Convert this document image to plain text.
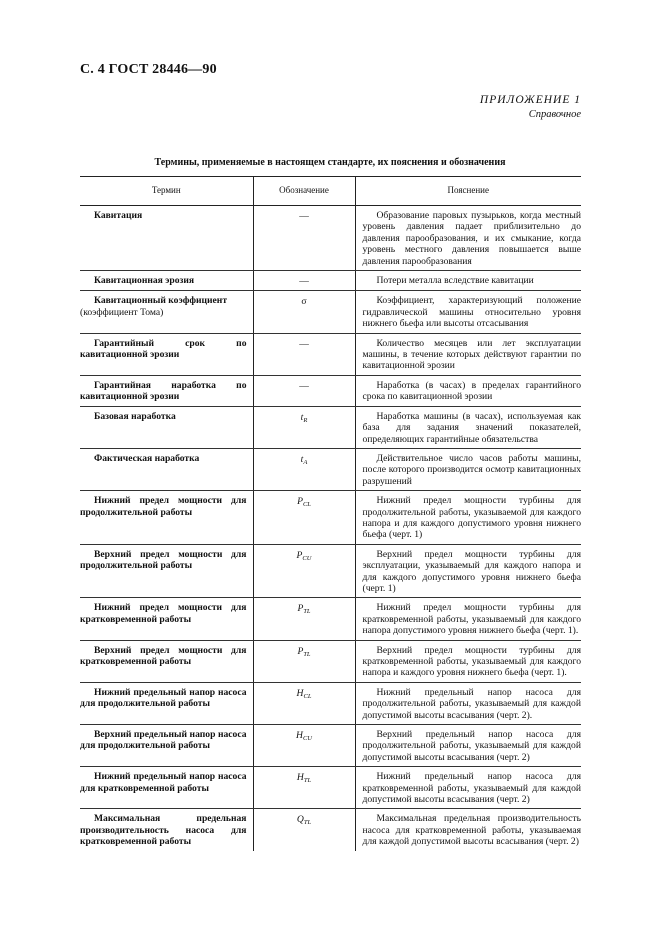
С. 4 ГОСТ 28446—90
ПРИЛОЖЕНИЕ 1
Справочное
Термины, применяемые в настоящем стандарте, их пояснения и обозначения
Термин	Обозначение	Пояснение
Кавитация	—	Образование паровых пузырьков, когда местный уровень давления падает приблизительно до давления парообразования, и их смыкание, когда уровень местного давления повышается выше давления парообразования
Кавитационная эрозия	—	Потери металла вследствие кавитации
Кавитационный коэффициент
(коэффициент Тома)	σ	Коэффициент, характеризующий положение гидравлической машины относительно уровня нижнего бьефа или высоты отсасывания
Гарантийный срок по кавитационной эрозии	—	Количество месяцев или лет эксплуатации машины, в течение которых действуют гарантии по кавитационной эрозии
Гарантийная наработка по кавитационной эрозии	—	Наработка (в часах) в пределах гарантийного срока по кавитационной эрозии
Базовая наработка	$t_R$	Наработка машины (в часах), используемая как база для задания значений показателей, определяющих гарантийные обязательства
Фактическая наработка	$t_A$	Действительное число часов работы машины, после которого производится осмотр кавитационных разрушений
Нижний предел мощности для продолжительной работы	$P_{CL}$	Нижний предел мощности турбины для продолжительной работы, указываемой для каждого напора и для каждого допустимого уровня нижнего бьефа (черт. 1)
Верхний предел мощности для продолжительной работы	$P_{CU}$	Верхний предел мощности турбины для эксплуатации, указываемый для каждого напора и для каждого допустимого уровня нижнего бьефа (черт. 1)
Нижний предел мощности для кратковременной работы	$P_{TL}$	Нижний предел мощности турбины для кратковременной работы, указываемый для каждого напора допустимого уровня нижнего бьефа (черт. 1).
Верхний предел мощности для кратковременной работы	$P_{TL}$	Верхний предел мощности турбины для кратковременной работы, указываемый для каждого напора и каждого уровня нижнего бьефа (черт. 1).
Нижний предельный напор насоса для продолжительной работы	$H_{CL}$	Нижний предельный напор насоса для продолжительной работы, указываемый для каждой допустимой высоты всасывания (черт. 2).
Верхний предельный напор насоса для продолжительной работы	$H_{CU}$	Верхний предельный напор насоса для продолжительной работы, указываемый для каждой допустимой высоты всасывания (черт. 2)
Нижний предельный напор насоса для кратковременной работы	$H_{TL}$	Нижний предельный напор насоса для кратковременной работы, указываемый для каждой допустимой высоты всасывания (черт. 2)
Максимальная предельная производительность насоса для кратковременной работы	$Q_{TL}$	Максимальная предельная производительность насоса для кратковременной работы, указываемая для каждой допустимой высоты всасывания (черт. 2)
